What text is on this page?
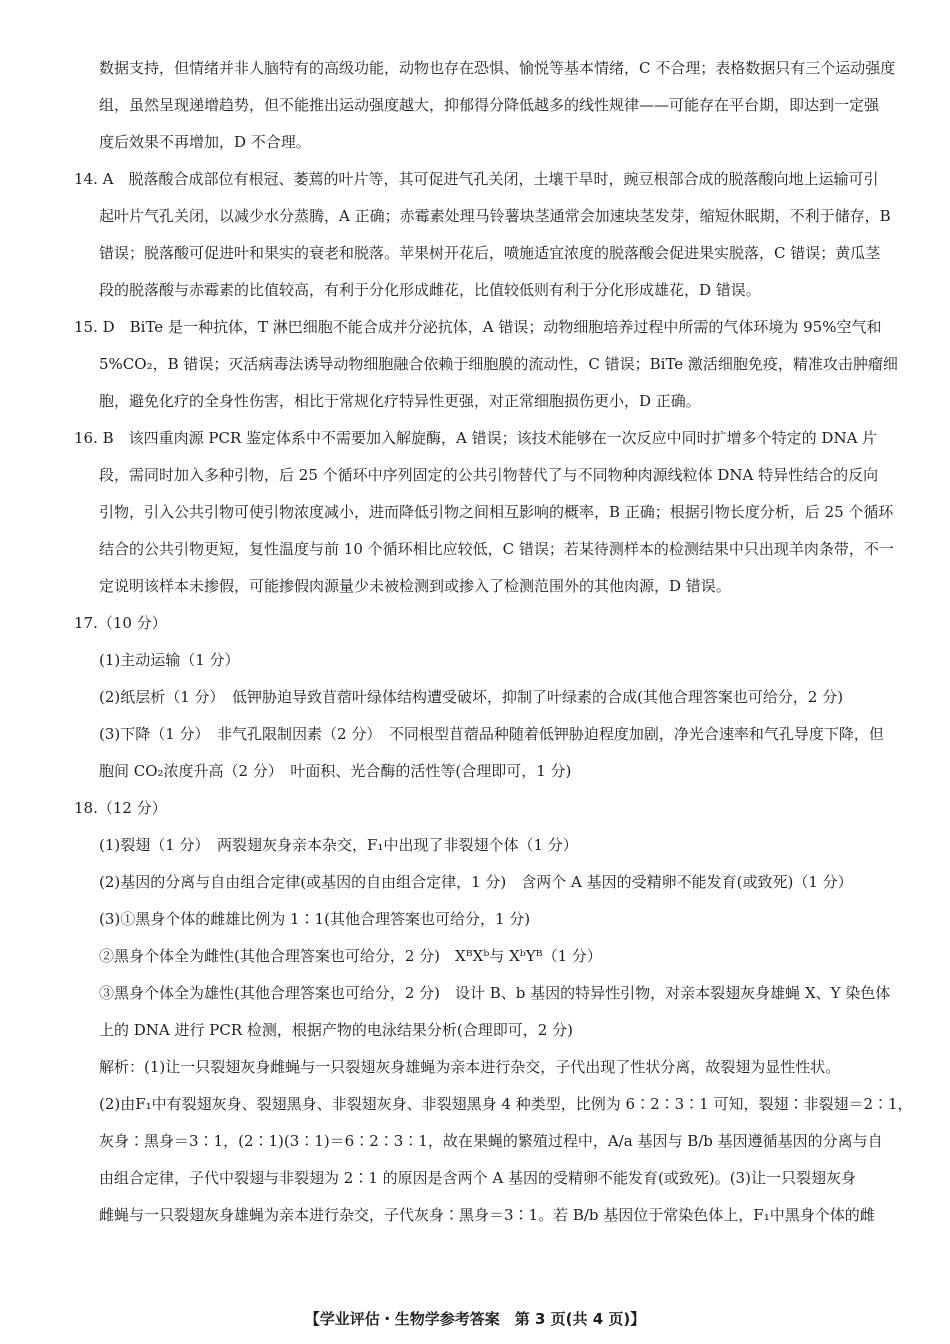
数据支持，但情绪并非人脑特有的高级功能，动物也存在恐惧、愉悦等基本情绪，C 不合理；表格数据只有三个运动强度
组，虽然呈现递增趋势，但不能推出运动强度越大，抑郁得分降低越多的线性规律——可能存在平台期，即达到一定强
度后效果不再增加，D 不合理。
14. A　脱落酸合成部位有根冠、萎蔫的叶片等，其可促进气孔关闭，土壤干旱时，豌豆根部合成的脱落酸向地上运输可引
起叶片气孔关闭，以减少水分蒸腾，A 正确；赤霉素处理马铃薯块茎通常会加速块茎发芽，缩短休眠期，不利于储存，B
错误；脱落酸可促进叶和果实的衰老和脱落。苹果树开花后，喷施适宜浓度的脱落酸会促进果实脱落，C 错误；黄瓜茎
段的脱落酸与赤霉素的比值较高，有利于分化形成雌花，比值较低则有利于分化形成雄花，D 错误。
15. D　BiTe 是一种抗体，T 淋巴细胞不能合成并分泌抗体，A 错误；动物细胞培养过程中所需的气体环境为 95%空气和
5%CO₂，B 错误；灭活病毒法诱导动物细胞融合依赖于细胞膜的流动性，C 错误；BiTe 激活细胞免疫，精准攻击肿瘤细
胞，避免化疗的全身性伤害，相比于常规化疗特异性更强，对正常细胞损伤更小，D 正确。
16. B　该四重肉源 PCR 鉴定体系中不需要加入解旋酶，A 错误；该技术能够在一次反应中同时扩增多个特定的 DNA 片
段，需同时加入多种引物，后 25 个循环中序列固定的公共引物替代了与不同物种肉源线粒体 DNA 特异性结合的反向
引物，引入公共引物可使引物浓度减小，进而降低引物之间相互影响的概率，B 正确；根据引物长度分析，后 25 个循环
结合的公共引物更短，复性温度与前 10 个循环相比应较低，C 错误；若某待测样本的检测结果中只出现羊肉条带，不一
定说明该样本未掺假，可能掺假肉源量少未被检测到或掺入了检测范围外的其他肉源，D 错误。
17.（10 分）
(1)主动运输（1 分）
(2)纸层析（1 分）　低钾胁迫导致苜蓿叶绿体结构遭受破坏，抑制了叶绿素的合成(其他合理答案也可给分，2 分)
(3)下降（1 分）　非气孔限制因素（2 分）　不同根型苜蓿品种随着低钾胁迫程度加剧，净光合速率和气孔导度下降，但
胞间 CO₂浓度升高（2 分）　叶面积、光合酶的活性等(合理即可，1 分)
18.（12 分）
(1)裂翅（1 分）　两裂翅灰身亲本杂交，F₁中出现了非裂翅个体（1 分）
(2)基因的分离与自由组合定律(或基因的自由组合定律，1 分)　含两个 A 基因的受精卵不能发育(或致死)（1 分）
(3)①黑身个体的雌雄比例为 1∶1(其他合理答案也可给分，1 分)
②黑身个体全为雌性(其他合理答案也可给分，2 分)　XᴮXᵇ与 XᵇYᴮ（1 分）
③黑身个体全为雄性(其他合理答案也可给分，2 分)　设计 B、b 基因的特异性引物，对亲本裂翅灰身雄蝇 X、Y 染色体
上的 DNA 进行 PCR 检测，根据产物的电泳结果分析(合理即可，2 分)
解析：(1)让一只裂翅灰身雌蝇与一只裂翅灰身雄蝇为亲本进行杂交，子代出现了性状分离，故裂翅为显性性状。
(2)由F₁中有裂翅灰身、裂翅黑身、非裂翅灰身、非裂翅黑身 4 种类型，比例为 6∶2∶3∶1 可知，裂翅∶非裂翅＝2∶1，
灰身∶黑身＝3∶1，(2∶1)(3∶1)＝6∶2∶3∶1，故在果蝇的繁殖过程中，A/a 基因与 B/b 基因遵循基因的分离与自
由组合定律，子代中裂翅与非裂翅为 2∶1 的原因是含两个 A 基因的受精卵不能发育(或致死)。(3)让一只裂翅灰身
雌蝇与一只裂翅灰身雄蝇为亲本进行杂交，子代灰身∶黑身＝3∶1。若 B/b 基因位于常染色体上，F₁中黑身个体的雌
【学业评估・生物学参考答案　第 3 页(共 4 页)】
